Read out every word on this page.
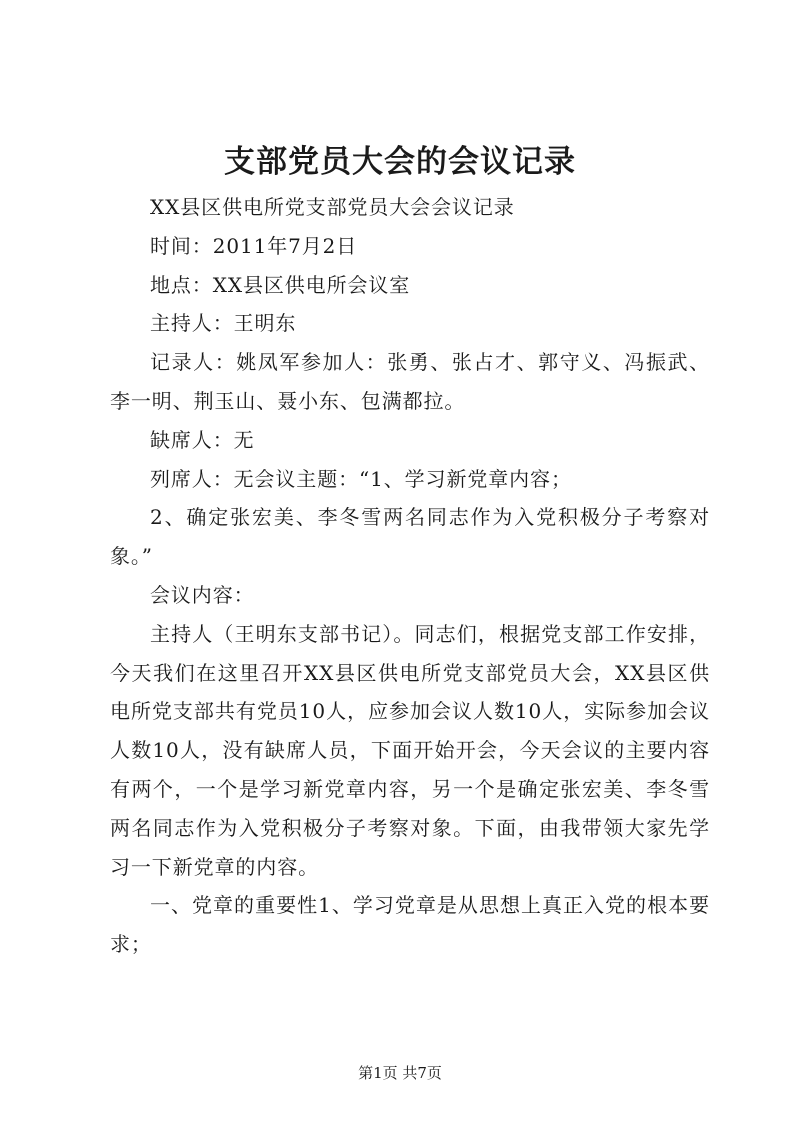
支部党员大会的会议记录

XX县区供电所党支部党员大会会议记录

时间：2011年7月2日

地点：XX县区供电所会议室

主持人：王明东

记录人：姚凤军参加人：张勇、张占才、郭守义、冯振武、李一明、荆玉山、聂小东、包满都拉。

缺席人：无

列席人：无会议主题：“1、学习新党章内容；

2、确定张宏美、李冬雪两名同志作为入党积极分子考察对象。”

会议内容：

主持人（王明东支部书记）。同志们，根据党支部工作安排，今天我们在这里召开XX县区供电所党支部党员大会，XX县区供电所党支部共有党员10人，应参加会议人数10人，实际参加会议人数10人，没有缺席人员，下面开始开会，今天会议的主要内容有两个，一个是学习新党章内容，另一个是确定张宏美、李冬雪两名同志作为入党积极分子考察对象。下面，由我带领大家先学习一下新党章的内容。

一、党章的重要性1、学习党章是从思想上真正入党的根本要求；

第1页 共7页
